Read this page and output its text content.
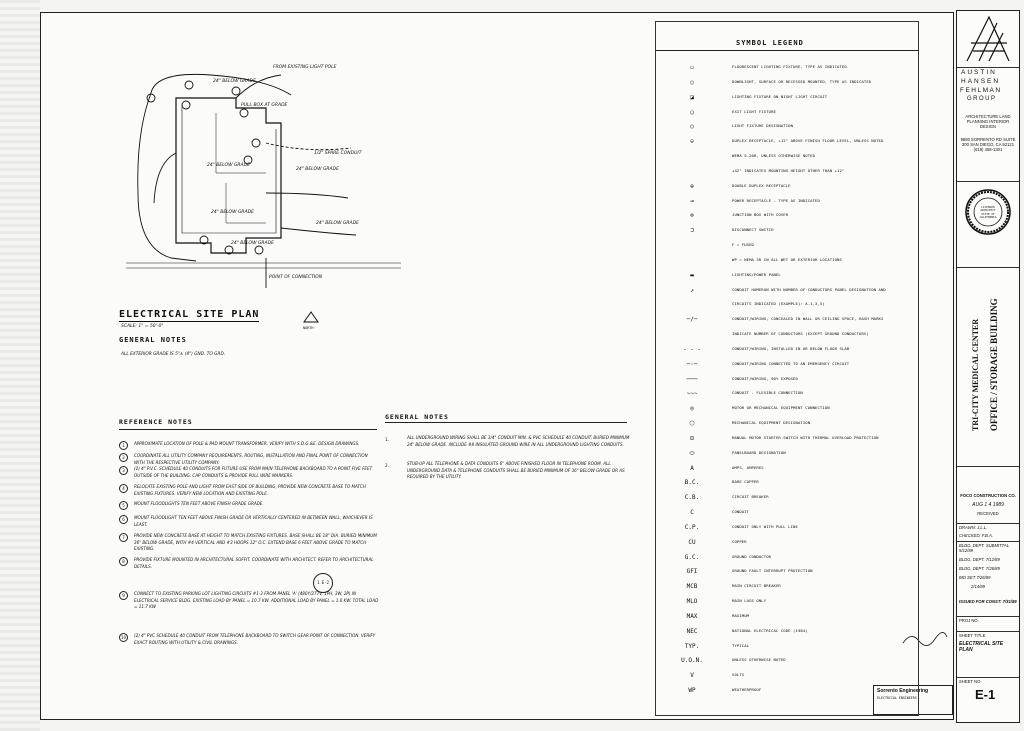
FROM EXISTING LIGHT POLE
24" BELOW GRADE
PULL BOX AT GRADE
1/2" SPARE CONDUIT
24" BELOW GRADE
24" BELOW GRADE
24" BELOW GRADE
24" BELOW GRADE
24" BELOW GRADE
POINT OF CONNECTION
ELECTRICAL SITE PLAN
SCALE: 1" = 50'-0"	NORTH
GENERAL NOTES
ALL EXTERIOR GRADE IS 5"± (4") GND. TO GRD.
REFERENCE NOTES
1	APPROXIMATE LOCATION OF POLE & PAD MOUNT TRANSFORMER. VERIFY WITH S.D.G.&E. DESIGN DRAWINGS.
2	COORDINATE ALL UTILITY COMPANY REQUIREMENTS, ROUTING, INSTALLATION AND FINAL POINT OF CONNECTION WITH THE RESPECTIVE UTILITY COMPANY.
3	(2) 4" P.V.C. SCHEDULE 40 CONDUITS FOR FUTURE USE FROM MAIN TELEPHONE BACKBOARD TO A POINT FIVE FEET OUTSIDE OF THE BUILDING. CAP CONDUITS & PROVIDE PULL WIRE MARKERS.
4	RELOCATE EXISTING POLE AND LIGHT FROM EAST SIDE OF BUILDING, PROVIDE NEW CONCRETE BASE TO MATCH EXISTING FIXTURES. VERIFY NEW LOCATION AND EXISTING POLE.
5	MOUNT FLOODLIGHTS TEN FEET ABOVE FINISH GRADE GRADE.
6	MOUNT FLOODLIGHT TEN FEET ABOVE FINISH GRADE OR VERTICALLY CENTERED IN BETWEEN WALL, WHICHEVER IS LEAST.
7	PROVIDE NEW CONCRETE BASE AT HEIGHT TO MATCH EXISTING FIXTURES. BASE SHALL BE 18" DIA. BURIED MINIMUM 36" BELOW GRADE, WITH #4 VERTICAL AND #3 HOOPS 12" O.C. EXTEND BASE 6 FEET ABOVE GRADE TO MATCH EXISTING.
8	PROVIDE FIXTURE MOUNTED IN ARCHITECTURAL SOFFIT. COORDINATE WITH ARCHITECT. REFER TO ARCHITECTURAL DETAILS.
9	CONNECT TO EXISTING PARKING LOT LIGHTING CIRCUITS #1-3 FROM PANEL 'A' (480Y/277V, 1PH, 3W, 2P) IN ELECTRICAL SERVICE BLDG. EXISTING LOAD BY PANEL = 10.7 KW. ADDITIONAL LOAD BY PANEL = 1.0 KW. TOTAL LOAD = 11.7 KW
10	(2) 4" PVC SCHEDULE 40 CONDUIT FROM TELEPHONE BACKBOARD TO SWITCH GEAR POINT OF CONNECTION. VERIFY EXACT ROUTING WITH UTILITY & CIVIL DRAWINGS.
1 E-2
GENERAL NOTES
1.	ALL UNDERGROUND WIRING SHALL BE 3/4" CONDUIT MIN. & PVC SCHEDULE 40 CONDUIT, BURIED MINIMUM 24" BELOW GRADE. INCLUDE #8 INSULATED GROUND WIRE IN ALL UNDERGROUND LIGHTING CONDUITS.
2.	STUB-UP ALL TELEPHONE & DATA CONDUITS 6" ABOVE FINISHED FLOOR IN TELEPHONE ROOM. ALL UNDERGROUND DATA & TELEPHONE CONDUITS SHALL BE BURIED MINIMUM OF 36" BELOW GRADE OR AS REQUIRED BY THE UTILITY.
Sorrento Engineering
ELECTRICAL ENGINEERS
SYMBOL LEGEND
▭	FLUORESCENT LIGHTING FIXTURE, TYPE AS INDICATED
○	DOWNLIGHT, SURFACE OR RECESSED MOUNTED, TYPE AS INDICATED
◪	LIGHTING FIXTURE ON NIGHT LIGHT CIRCUIT
◯	EXIT LIGHT FIXTURE
○	LIGHT FIXTURE DESIGNATION
⊖	DUPLEX RECEPTACLE, +12" ABOVE FINISH FLOOR LEVEL, UNLESS NOTED
WEMA 5-20R, UNLESS OTHERWISE NOTED
+42" INDICATES MOUNTING HEIGHT OTHER THAN +12"
⊕	DOUBLE DUPLEX RECEPTACLE
⊸	POWER RECEPTACLE - TYPE AS INDICATED
⊚	JUNCTION BOX WITH COVER
⊐	DISCONNECT SWITCH
F = FUSED
WP = NEMA 3R IN ALL WET OR EXTERIOR LOCATIONS
▬	LIGHTING/POWER PANEL
↗	CONDUIT HOMERUN WITH NUMBER OF CONDUCTORS PANEL DESIGNATION AND
CIRCUITS INDICATED (EXAMPLE): A-1,3,5)
─/─	CONDUIT/WIRING, CONCEALED IN WALL OR CEILING SPACE, HASH MARKS
INDICATE NUMBER OF CONDUCTORS (EXCEPT GROUND CONDUCTORS)
- - -	CONDUIT/WIRING, INSTALLED IN OR BELOW FLOOR SLAB
─·─	CONDUIT/WIRING CONNECTED TO AN EMERGENCY CIRCUIT
───	CONDUIT/WIRING, 90% EXPOSED
∼∼∼	CONDUIT - FLEXIBLE CONNECTION
◎	MOTOR OR MECHANICAL EQUIPMENT CONNECTION
⬡	MECHANICAL EQUIPMENT DESIGNATION
⊡	MANUAL MOTOR STARTER SWITCH WITH THERMAL OVERLOAD PROTECTION
⬭	PANELBOARD DESIGNATION
A	AMPS, AMPERES
B.C.	BARE COPPER
C.B.	CIRCUIT BREAKER
C	CONDUIT
C.P.	CONDUIT ONLY WITH PULL LINE
CU	COPPER
G.C.	GROUND CONDUCTOR
GFI	GROUND FAULT INTERRUPT PROTECTION
MCB	MAIN CIRCUIT BREAKER
MLO	MAIN LUGS ONLY
MAX	MAXIMUM
NEC	NATIONAL ELECTRICAL CODE (1984)
TYP.	TYPICAL
U.O.N.	UNLESS OTHERWISE NOTED
V	VOLTS
WP	WEATHERPROOF
AUSTIN
HANSEN
FEHLMAN
GROUP
ARCHITECTURE LAND PLANNING INTERIOR DESIGN
9880 SORRENTO RD SUITE 300 SAN DIEGO, CA 92121 (619) 458-1301
LICENSED ARCHITECT STATE OF CALIFORNIA
TRI-CITY MEDICAL CENTER OFFICE / STORAGE BUILDING
FOCO CONSTRUCTION CO.
AUG 1 4 1989
RECEIVED
DRAWN: J.L.L.
CHECKED: F.B.A.
BLDG. DEPT. SUBMITTAL 5/12/89
BLDG. DEPT. 7/12/89
BLDG. DEPT. 7/26/89
BID SET 7/26/89
2/14/89
ISSUED FOR CONST: 7/31/89
PROJ NO.
SHEET TITLE
ELECTRICAL SITE PLAN
SHEET NO.
E-1
